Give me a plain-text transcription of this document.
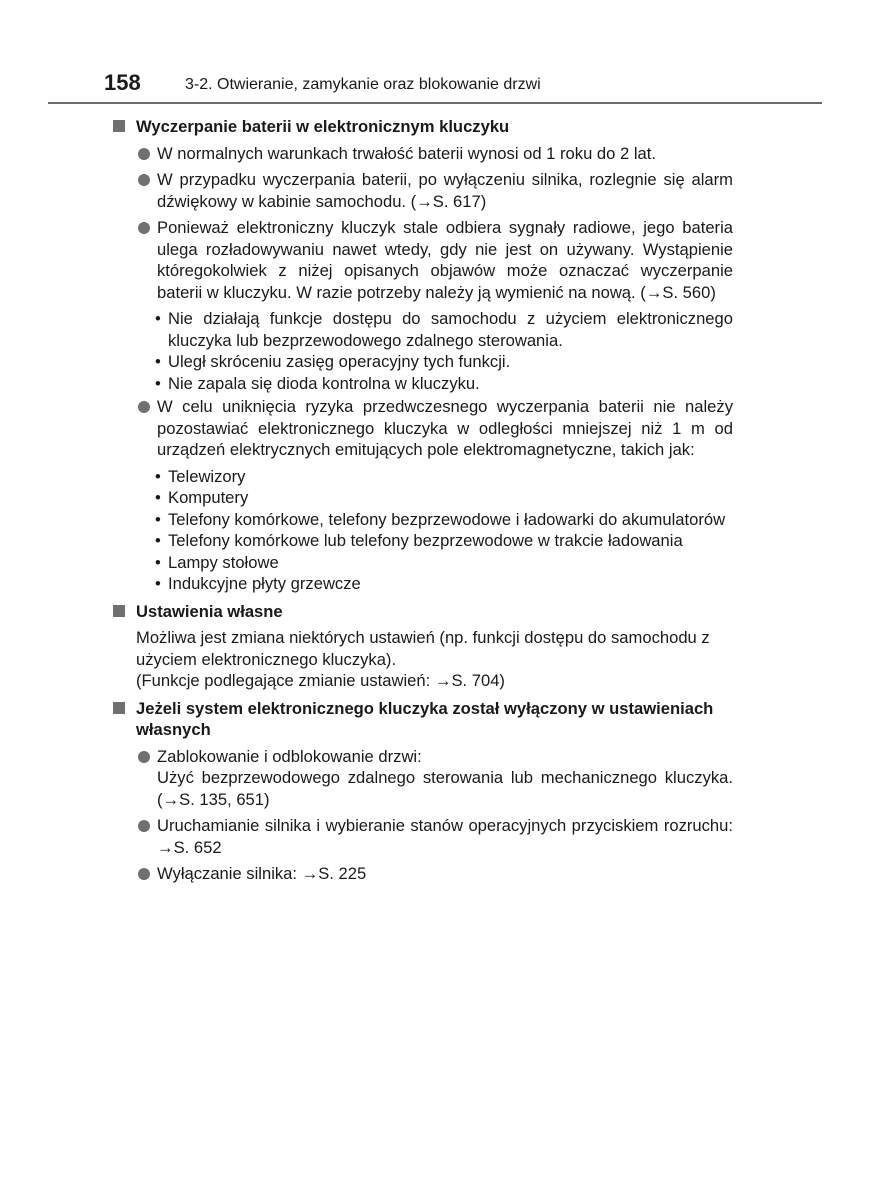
158	3-2. Otwieranie, zamykanie oraz blokowanie drzwi
Wyczerpanie baterii w elektronicznym kluczyku
W normalnych warunkach trwałość baterii wynosi od 1 roku do 2 lat.
W przypadku wyczerpania baterii, po wyłączeniu silnika, rozlegnie się alarm dźwiękowy w kabinie samochodu. (→S. 617)
Ponieważ elektroniczny kluczyk stale odbiera sygnały radiowe, jego bateria ulega rozładowywaniu nawet wtedy, gdy nie jest on używany. Wystąpienie któregokolwiek z niżej opisanych objawów może oznaczać wyczerpanie baterii w kluczyku. W razie potrzeby należy ją wymienić na nową. (→S. 560)
• Nie działają funkcje dostępu do samochodu z użyciem elektronicznego kluczyka lub bezprzewodowego zdalnego sterowania.
• Uległ skróceniu zasięg operacyjny tych funkcji.
• Nie zapala się dioda kontrolna w kluczyku.
W celu uniknięcia ryzyka przedwczesnego wyczerpania baterii nie należy pozostawiać elektronicznego kluczyka w odległości mniejszej niż 1 m od urządzeń elektrycznych emitujących pole elektromagnetyczne, takich jak:
• Telewizory
• Komputery
• Telefony komórkowe, telefony bezprzewodowe i ładowarki do akumulatorów
• Telefony komórkowe lub telefony bezprzewodowe w trakcie ładowania
• Lampy stołowe
• Indukcyjne płyty grzewcze
Ustawienia własne
Możliwa jest zmiana niektórych ustawień (np. funkcji dostępu do samochodu z użyciem elektronicznego kluczyka).
(Funkcje podlegające zmianie ustawień: →S. 704)
Jeżeli system elektronicznego kluczyka został wyłączony w ustawieniach własnych
Zablokowanie i odblokowanie drzwi:
Użyć bezprzewodowego zdalnego sterowania lub mechanicznego kluczyka. (→S. 135, 651)
Uruchamianie silnika i wybieranie stanów operacyjnych przyciskiem rozruchu: →S. 652
Wyłączanie silnika: →S. 225
